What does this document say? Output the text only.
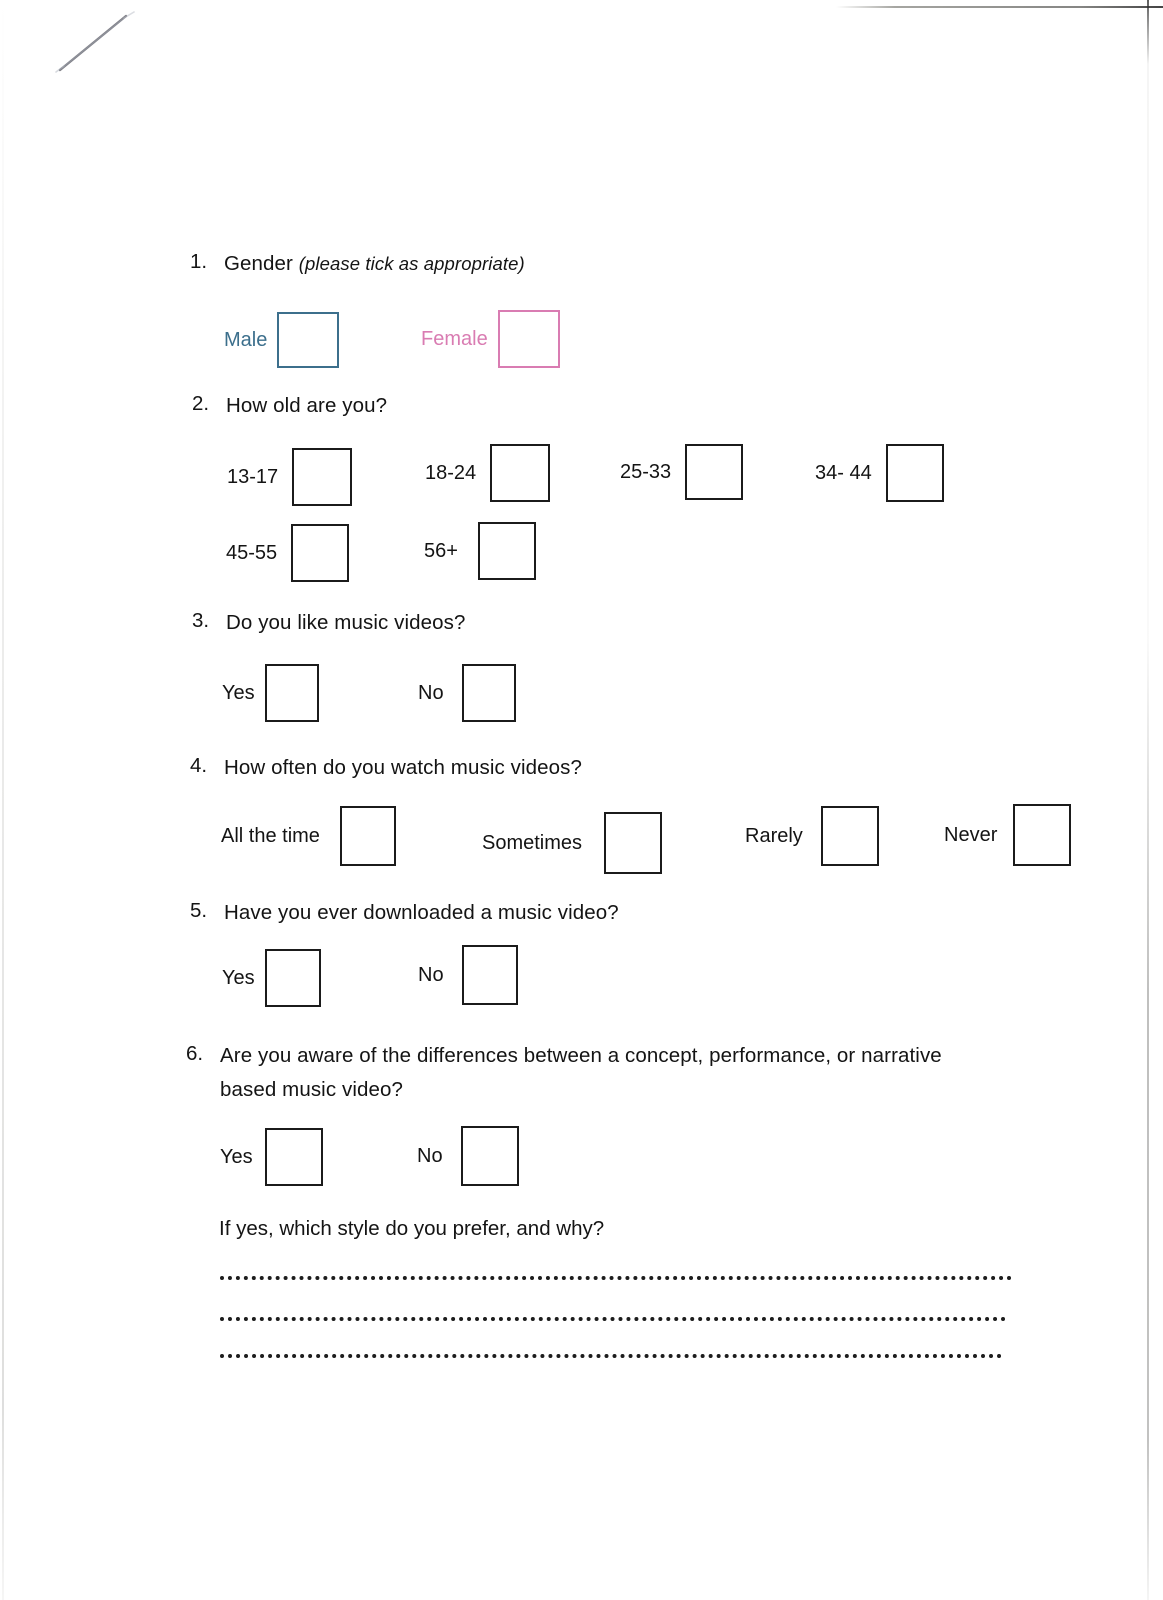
1. Gender (please tick as appropriate)
Male	Female
2. How old are you?
13-17	18-24	25-33	34- 44
45-55	56+
3. Do you like music videos?
Yes	No
4. How often do you watch music videos?
All the time	Sometimes	Rarely	Never
5. Have you ever downloaded a music video?
Yes	No
6. Are you aware of the differences between a concept, performance, or narrative based music video?
Yes	No
If yes, which style do you prefer, and why?
